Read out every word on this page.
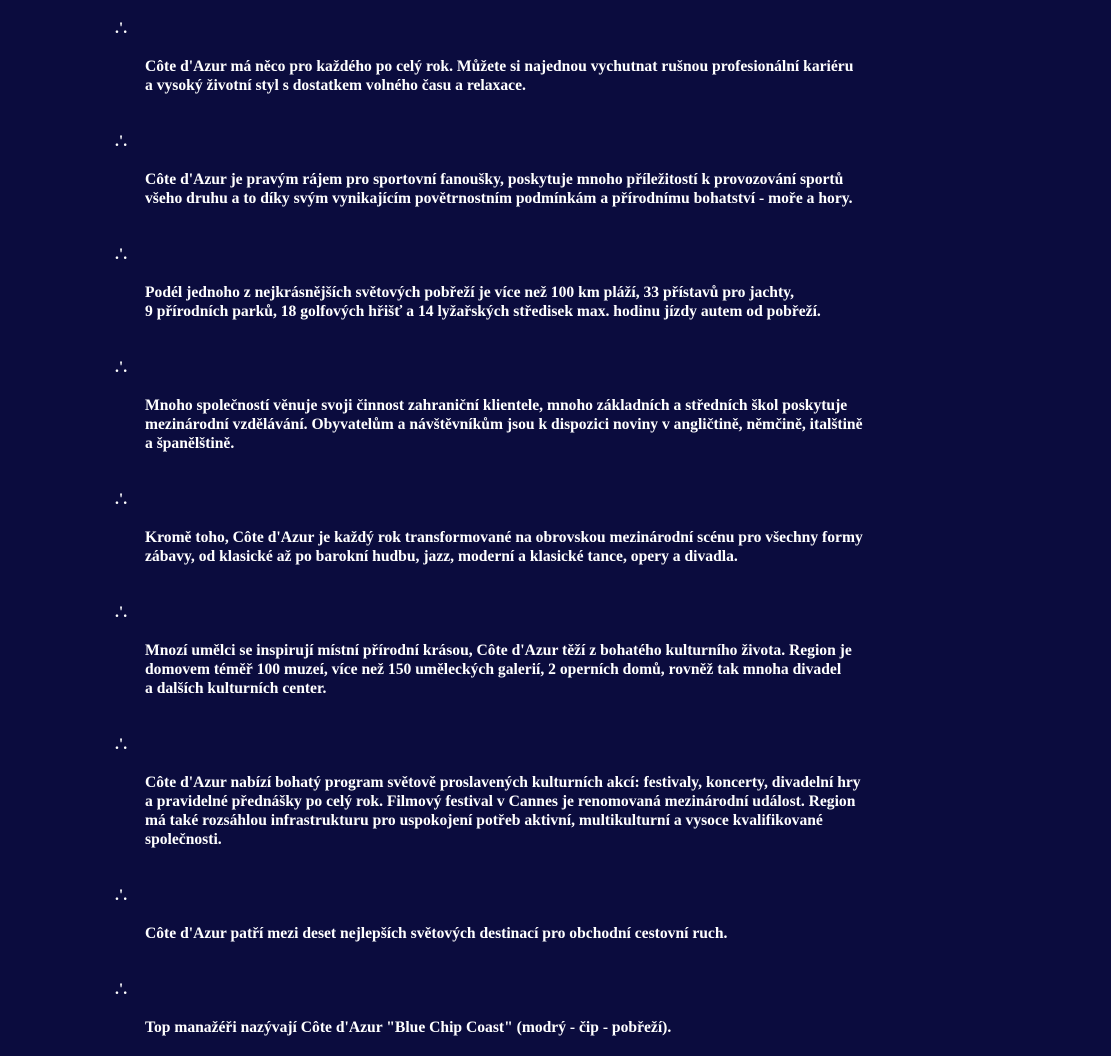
.'.

Côte d'Azur má něco pro každého po celý rok. Můžete si najednou vychutnat rušnou profesionální kariéru
a vysoký životní styl s dostatkem volného času a relaxace.

.'.

Côte d'Azur je pravým rájem pro sportovní fanoušky, poskytuje mnoho příležitostí k provozování sportů
všeho druhu a to díky svým vynikajícím povětrnostním podmínkám a přírodnímu bohatství - moře a hory.

.'.

Podél jednoho z nejkrásnějších světových pobřeží je více než 100 km pláží, 33 přístavů pro jachty,
9 přírodních parků, 18 golfových hřišť a 14 lyžařských středisek max. hodinu jízdy autem od pobřeží.

.'.

Mnoho společností věnuje svoji činnost zahraniční klientele, mnoho základních a středních škol poskytuje
mezinárodní vzdělávání. Obyvatelům a návštěvníkům jsou k dispozici noviny v angličtině, němčině, italštině
a španělštině.

.'.

Kromě toho, Côte d'Azur je každý rok transformované na obrovskou mezinárodní scénu pro všechny formy
zábavy, od klasické až po barokní hudbu, jazz, moderní a klasické tance, opery a divadla.

.'.

Mnozí umělci se inspirují místní přírodní krásou, Côte d'Azur těží z bohatého kulturního života. Region je
domovem téměř 100 muzeí, více než 150 uměleckých galerií, 2 operních domů, rovněž tak mnoha divadel
a dalších kulturních center.

.'.

Côte d'Azur nabízí bohatý program světově proslavených kulturních akcí: festivaly, koncerty, divadelní hry
a pravidelné přednášky po celý rok. Filmový festival v Cannes je renomovaná mezinárodní událost. Region
má také rozsáhlou infrastrukturu pro uspokojení potřeb aktivní, multikulturní a vysoce kvalifikované
společnosti.

.'.

Côte d'Azur patří mezi deset nejlepších světových destinací pro obchodní cestovní ruch.

.'.

Top manažéři nazývají Côte d'Azur "Blue Chip Coast" (modrý - čip - pobřeží).
